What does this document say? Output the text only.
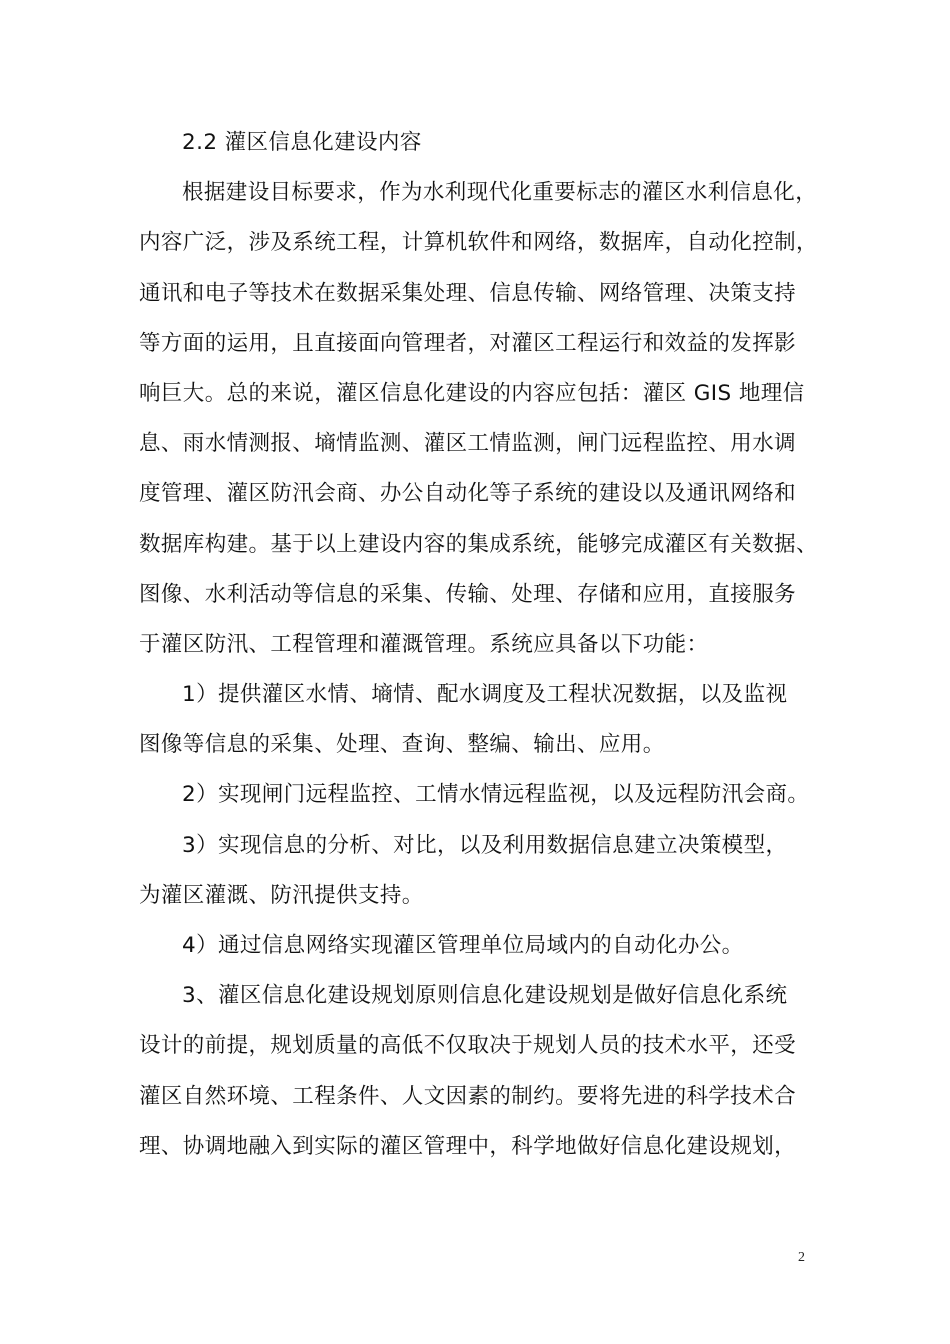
2.2 灌区信息化建设内容
根据建设目标要求，作为水利现代化重要标志的灌区水利信息化，
内容广泛，涉及系统工程，计算机软件和网络，数据库，自动化控制，
通讯和电子等技术在数据采集处理、信息传输、网络管理、决策支持
等方面的运用，且直接面向管理者，对灌区工程运行和效益的发挥影
响巨大。总的来说，灌区信息化建设的内容应包括：灌区 GIS 地理信
息、雨水情测报、墒情监测、灌区工情监测，闸门远程监控、用水调
度管理、灌区防汛会商、办公自动化等子系统的建设以及通讯网络和
数据库构建。基于以上建设内容的集成系统，能够完成灌区有关数据、
图像、水利活动等信息的采集、传输、处理、存储和应用，直接服务
于灌区防汛、工程管理和灌溉管理。系统应具备以下功能：
1）提供灌区水情、墒情、配水调度及工程状况数据，以及监视
图像等信息的采集、处理、查询、整编、输出、应用。
2）实现闸门远程监控、工情水情远程监视，以及远程防汛会商。
3）实现信息的分析、对比，以及利用数据信息建立决策模型，
为灌区灌溉、防汛提供支持。
4）通过信息网络实现灌区管理单位局域内的自动化办公。
3、灌区信息化建设规划原则信息化建设规划是做好信息化系统
设计的前提，规划质量的高低不仅取决于规划人员的技术水平，还受
灌区自然环境、工程条件、人文因素的制约。要将先进的科学技术合
理、协调地融入到实际的灌区管理中，科学地做好信息化建设规划，
2
